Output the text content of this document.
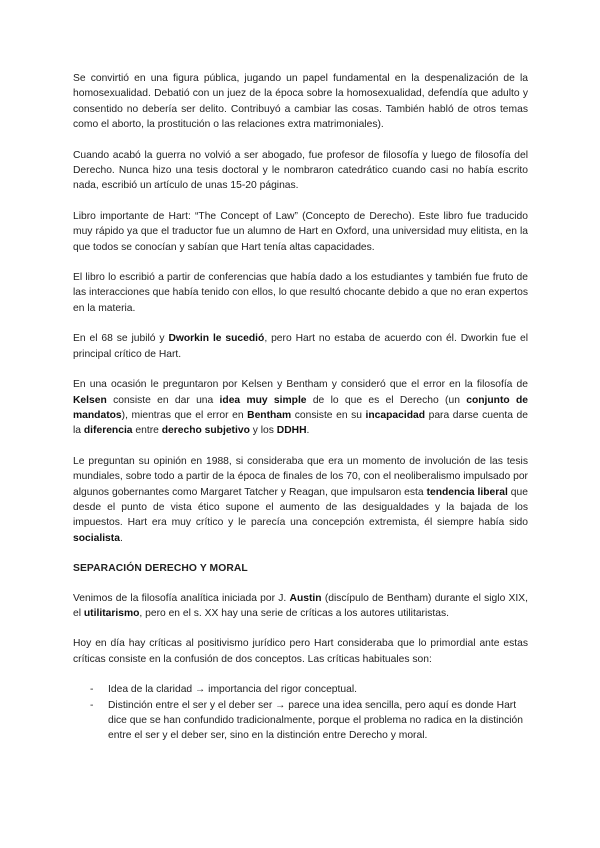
Se convirtió en una figura pública, jugando un papel fundamental en la despenalización de la homosexualidad. Debatió con un juez de la época sobre la homosexualidad, defendía que adulto y consentido no debería ser delito. Contribuyó a cambiar las cosas. También habló de otros temas como el aborto, la prostitución o las relaciones extra matrimoniales).

Cuando acabó la guerra no volvió a ser abogado, fue profesor de filosofía y luego de filosofía del Derecho. Nunca hizo una tesis doctoral y le nombraron catedrático cuando casi no había escrito nada, escribió un artículo de unas 15-20 páginas.

Libro importante de Hart: “The Concept of Law” (Concepto de Derecho). Este libro fue traducido muy rápido ya que el traductor fue un alumno de Hart en Oxford, una universidad muy elitista, en la que todos se conocían y sabían que Hart tenía altas capacidades.

El libro lo escribió a partir de conferencias que había dado a los estudiantes y también fue fruto de las interacciones que había tenido con ellos, lo que resultó chocante debido a que no eran expertos en la materia.

En el 68 se jubiló y Dworkin le sucedió, pero Hart no estaba de acuerdo con él. Dworkin fue el principal crítico de Hart.

En una ocasión le preguntaron por Kelsen y Bentham y consideró que el error en la filosofía de Kelsen consiste en dar una idea muy simple de lo que es el Derecho (un conjunto de mandatos), mientras que el error en Bentham consiste en su incapacidad para darse cuenta de la diferencia entre derecho subjetivo y los DDHH.

Le preguntan su opinión en 1988, si consideraba que era un momento de involución de las tesis mundiales, sobre todo a partir de la época de finales de los 70, con el neoliberalismo impulsado por algunos gobernantes como Margaret Tatcher y Reagan, que impulsaron esta tendencia liberal que desde el punto de vista ético supone el aumento de las desigualdades y la bajada de los impuestos. Hart era muy crítico y le parecía una concepción extremista, él siempre había sido socialista.

SEPARACIÓN DERECHO Y MORAL

Venimos de la filosofía analítica iniciada por J. Austin (discípulo de Bentham) durante el siglo XIX, el utilitarismo, pero en el s. XX hay una serie de críticas a los autores utilitaristas.

Hoy en día hay críticas al positivismo jurídico pero Hart consideraba que lo primordial ante estas críticas consiste en la confusión de dos conceptos. Las críticas habituales son:

- Idea de la claridad → importancia del rigor conceptual.
- Distinción entre el ser y el deber ser → parece una idea sencilla, pero aquí es donde Hart dice que se han confundido tradicionalmente, porque el problema no radica en la distinción entre el ser y el deber ser, sino en la distinción entre Derecho y moral.
